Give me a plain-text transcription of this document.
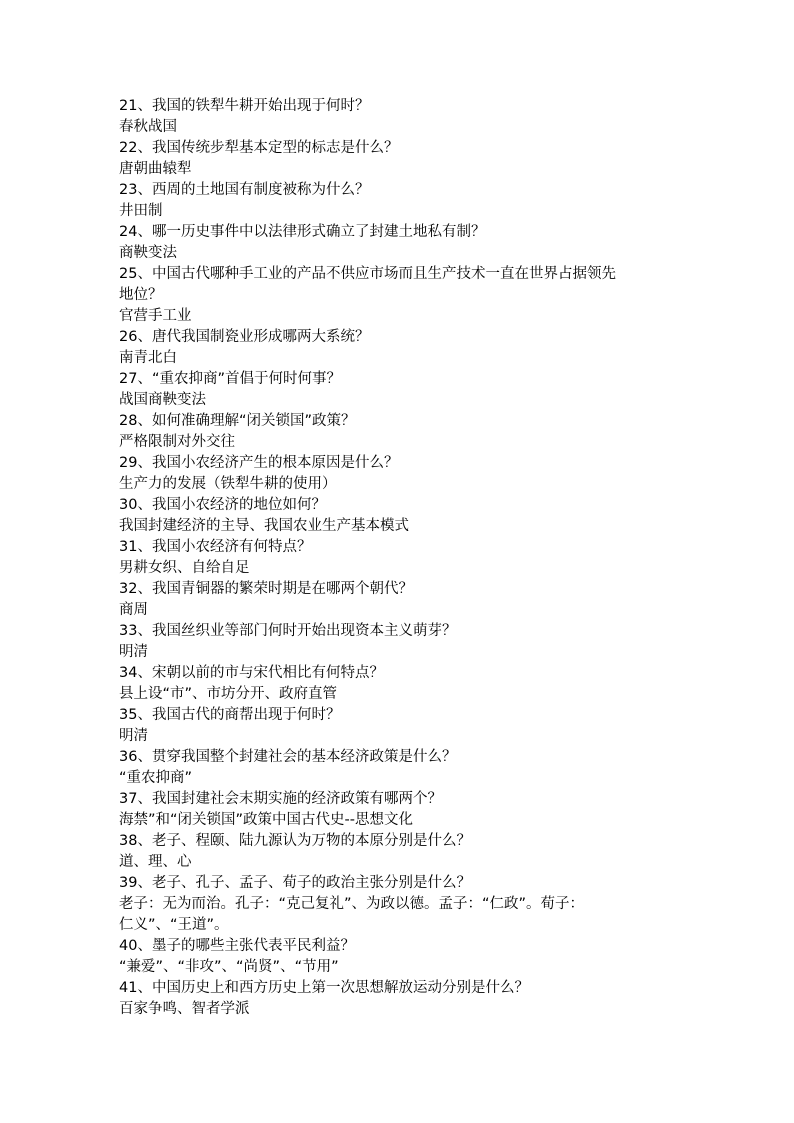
21、我国的铁犁牛耕开始出现于何时？

春秋战国

22、我国传统步犁基本定型的标志是什么？

唐朝曲辕犁

23、西周的土地国有制度被称为什么？

井田制

24、哪一历史事件中以法律形式确立了封建土地私有制？

商鞅变法

25、中国古代哪种手工业的产品不供应市场而且生产技术一直在世界占据领先

地位？

官营手工业

26、唐代我国制瓷业形成哪两大系统？

南青北白

27、“重农抑商”首倡于何时何事？

战国商鞅变法

28、如何准确理解“闭关锁国”政策？

严格限制对外交往

29、我国小农经济产生的根本原因是什么？

生产力的发展（铁犁牛耕的使用）

30、我国小农经济的地位如何？

我国封建经济的主导、我国农业生产基本模式

31、我国小农经济有何特点？

男耕女织、自给自足

32、我国青铜器的繁荣时期是在哪两个朝代？

商周

33、我国丝织业等部门何时开始出现资本主义萌芽？

明清

34、宋朝以前的市与宋代相比有何特点？

县上设“市”、市坊分开、政府直管

35、我国古代的商帮出现于何时？

明清

36、贯穿我国整个封建社会的基本经济政策是什么？

“重农抑商”

37、我国封建社会末期实施的经济政策有哪两个？

海禁”和“闭关锁国”政策中国古代史--思想文化

38、老子、程颐、陆九源认为万物的本原分别是什么？

道、理、心

39、老子、孔子、孟子、荀子的政治主张分别是什么？

老子：无为而治。孔子：“克己复礼”、为政以德。孟子：“仁政”。荀子：

仁义”、“王道”。

40、墨子的哪些主张代表平民利益？

“兼爱”、“非攻”、“尚贤”、“节用”

41、中国历史上和西方历史上第一次思想解放运动分别是什么？

百家争鸣、智者学派
